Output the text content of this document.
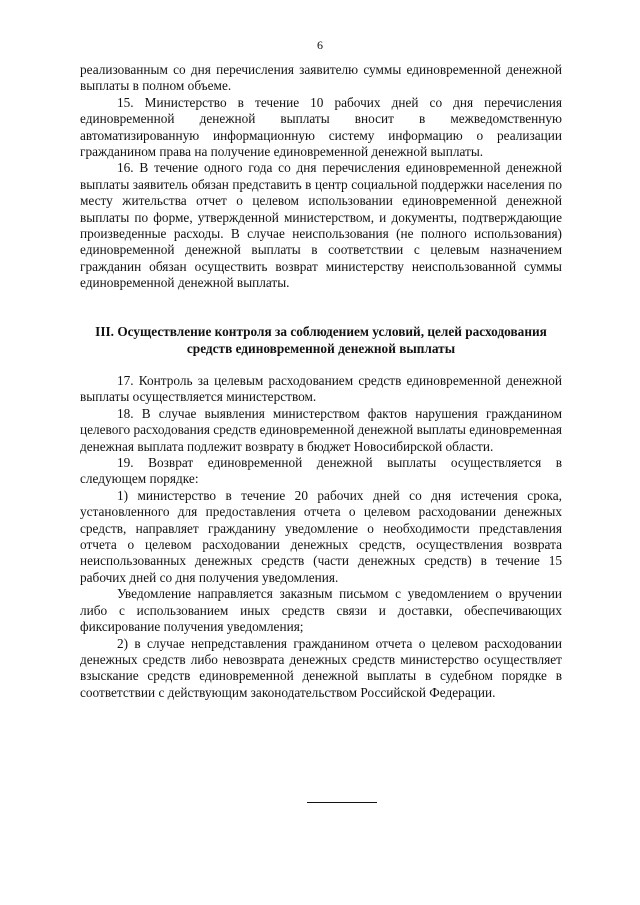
6

реализованным со дня перечисления заявителю суммы единовременной денежной выплаты в полном объеме.

15. Министерство в течение 10 рабочих дней со дня перечисления единовременной денежной выплаты вносит в межведомственную автоматизированную информационную систему информацию о реализации гражданином права на получение единовременной денежной выплаты.

16. В течение одного года со дня перечисления единовременной денежной выплаты заявитель обязан представить в центр социальной поддержки населения по месту жительства отчет о целевом использовании единовременной денежной выплаты по форме, утвержденной министерством, и документы, подтверждающие произведенные расходы. В случае неиспользования (не полного использования) единовременной денежной выплаты в соответствии с целевым назначением гражданин обязан осуществить возврат министерству неиспользованной суммы единовременной денежной выплаты.

III. Осуществление контроля за соблюдением условий, целей расходования
средств единовременной денежной выплаты

17. Контроль за целевым расходованием средств единовременной денежной выплаты осуществляется министерством.

18. В случае выявления министерством фактов нарушения гражданином целевого расходования средств единовременной денежной выплаты единовременная денежная выплата подлежит возврату в бюджет Новосибирской области.

19. Возврат единовременной денежной выплаты осуществляется в следующем порядке:

1) министерство в течение 20 рабочих дней со дня истечения срока, установленного для предоставления отчета о целевом расходовании денежных средств, направляет гражданину уведомление о необходимости представления отчета о целевом расходовании денежных средств, осуществления возврата неиспользованных денежных средств (части денежных средств) в течение 15 рабочих дней со дня получения уведомления.

Уведомление направляется заказным письмом с уведомлением о вручении либо с использованием иных средств связи и доставки, обеспечивающих фиксирование получения уведомления;

2) в случае непредставления гражданином отчета о целевом расходовании денежных средств либо невозврата денежных средств министерство осуществляет взыскание средств единовременной денежной выплаты в судебном порядке в соответствии с действующим законодательством Российской Федерации.
